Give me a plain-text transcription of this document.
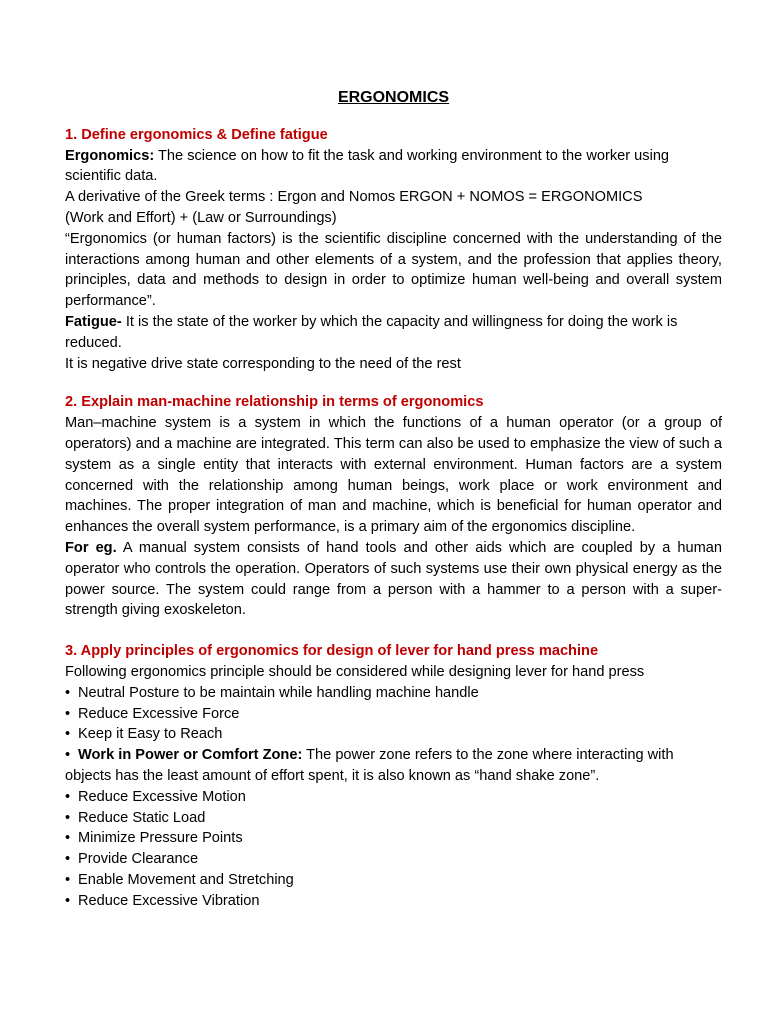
ERGONOMICS

1. Define ergonomics & Define fatigue

Ergonomics: The science on how to fit the task and working environment to the worker using scientific data.

A derivative of the Greek terms : Ergon and Nomos ERGON + NOMOS = ERGONOMICS

(Work and Effort) + (Law or Surroundings)

“Ergonomics (or human factors) is the scientific discipline concerned with the understanding of the interactions among human and other elements of a system, and the profession that applies theory, principles, data and methods to design in order to optimize human well-being and overall system performance”.

Fatigue- It is the state of the worker by which the capacity and willingness for doing the work is reduced.

It is negative drive state corresponding to the need of the rest

2. Explain man-machine relationship in terms of ergonomics

Man–machine system is a system in which the functions of a human operator (or a group of operators) and a machine are integrated. This term can also be used to emphasize the view of such a system as a single entity that interacts with external environment. Human factors are a system concerned with the relationship among human beings, work place or work environment and machines. The proper integration of man and machine, which is beneficial for human operator and enhances the overall system performance, is a primary aim of the ergonomics discipline.

For eg. A manual system consists of hand tools and other aids which are coupled by a human operator who controls the operation. Operators of such systems use their own physical energy as the power source. The system could range from a person with a hammer to a person with a super-strength giving exoskeleton.

3. Apply principles of ergonomics for design of lever for hand press machine

Following ergonomics principle should be considered while designing lever for hand press

• Neutral Posture to be maintain while handling machine handle
• Reduce Excessive Force
• Keep it Easy to Reach

• Work in Power or Comfort Zone: The power zone refers to the zone where interacting with objects has the least amount of effort spent, it is also known as “hand shake zone”.

• Reduce Excessive Motion
• Reduce Static Load
• Minimize Pressure Points
• Provide Clearance
• Enable Movement and Stretching
• Reduce Excessive Vibration
